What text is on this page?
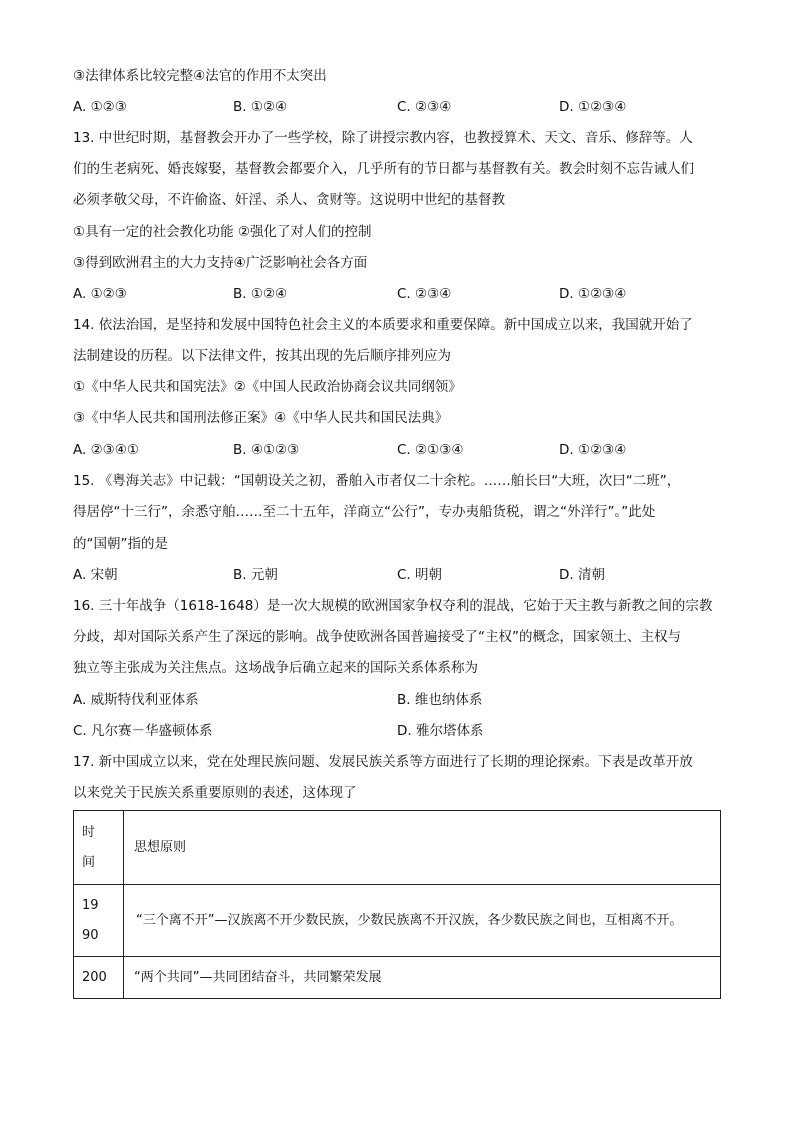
③法律体系比较完整④法官的作用不太突出
A. ①②③	B. ①②④	C. ②③④	D. ①②③④
13. 中世纪时期，基督教会开办了一些学校，除了讲授宗教内容，也教授算术、天文、音乐、修辞等。人
们的生老病死、婚丧嫁娶，基督教会都要介入，几乎所有的节日都与基督教有关。教会时刻不忘告诫人们
必须孝敬父母，不许偷盗、奸淫、杀人、贪财等。这说明中世纪的基督教
①具有一定的社会教化功能 ②强化了对人们的控制
③得到欧洲君主的大力支持④广泛影响社会各方面
A. ①②③	B. ①②④	C. ②③④	D. ①②③④
14. 依法治国，是坚持和发展中国特色社会主义的本质要求和重要保障。新中国成立以来，我国就开始了
法制建设的历程。以下法律文件，按其出现的先后顺序排列应为
①《中华人民共和国宪法》②《中国人民政治协商会议共同纲领》
③《中华人民共和国刑法修正案》④《中华人民共和国民法典》
A. ②③④①	B. ④①②③	C. ②①③④	D. ①②③④
15. 《粤海关志》中记载：“国朝设关之初，番舶入市者仅二十余柁。……舶长曰“大班，次曰“二班”，
得居停“十三行”，余悉守舶……至二十五年，洋商立“公行”，专办夷船货税，谓之“外洋行”。”此处
的“国朝”指的是
A. 宋朝	B. 元朝	C. 明朝	D. 清朝
16. 三十年战争（1618-1648）是一次大规模的欧洲国家争权夺利的混战，它始于天主教与新教之间的宗教
分歧，却对国际关系产生了深远的影响。战争使欧洲各国普遍接受了“主权”的概念，国家领土、主权与
独立等主张成为关注焦点。这场战争后确立起来的国际关系体系称为
A. 威斯特伐利亚体系	B. 维也纳体系
C. 凡尔赛－华盛顿体系	D. 雅尔塔体系
17. 新中国成立以来，党在处理民族问题、发展民族关系等方面进行了长期的理论探索。下表是改革开放
以来党关于民族关系重要原则的表述，这体现了
时间	思想原则

1990	“三个离不开”—汉族离不开少数民族，少数民族离不开汉族，各少数民族之间也，互相离不开。

200	“两个共同”—共同团结奋斗，共同繁荣发展
